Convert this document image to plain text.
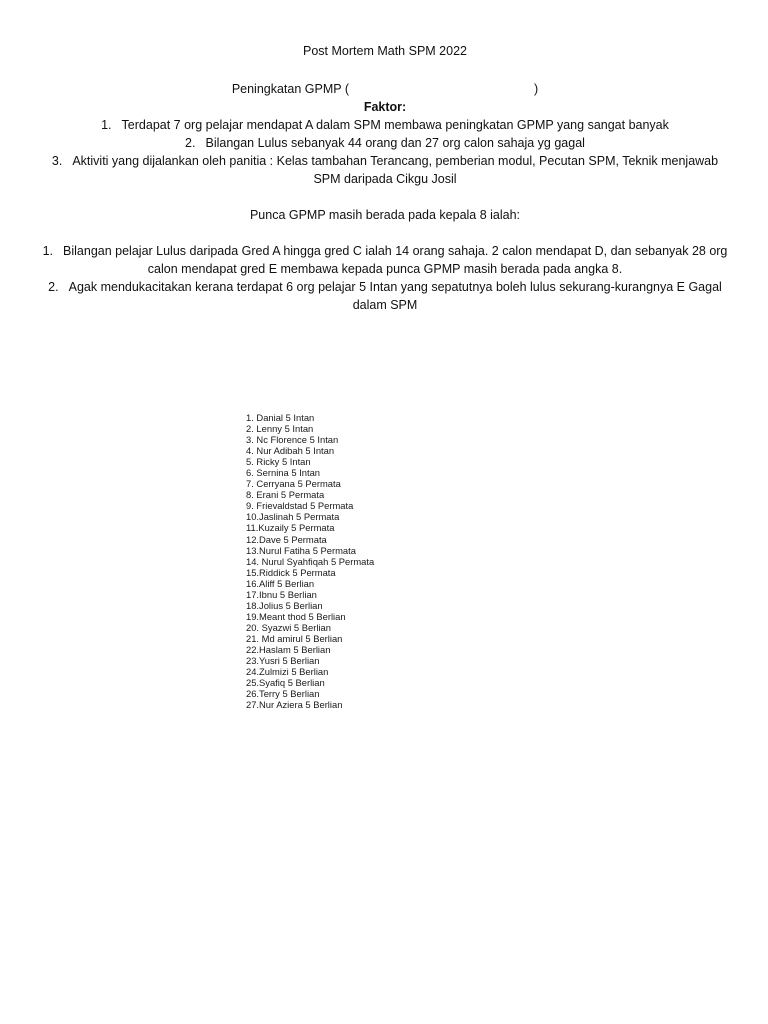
Post Mortem Math SPM 2022
Peningkatan GPMP (	)
Faktor:
1. Terdapat 7 org pelajar mendapat A dalam SPM membawa peningkatan GPMP yang sangat banyak
2. Bilangan Lulus sebanyak 44 orang dan 27 org calon sahaja yg gagal
3. Aktiviti yang dijalankan oleh panitia : Kelas tambahan Terancang, pemberian modul, Pecutan SPM, Teknik menjawab SPM daripada Cikgu Josil
Punca GPMP masih berada pada kepala 8 ialah:
1. Bilangan pelajar Lulus daripada Gred A hingga gred C ialah 14 orang sahaja. 2 calon mendapat D, dan sebanyak 28 org calon mendapat gred E membawa kepada punca GPMP masih berada pada angka 8.
2. Agak mendukacitakan kerana terdapat 6 org pelajar 5 Intan yang sepatutnya boleh lulus sekurang-kurangnya E Gagal dalam SPM
1. Danial 5 Intan
2. Lenny 5 Intan
3. Nc Florence 5 Intan
4. Nur Adibah 5 Intan
5. Ricky 5 Intan
6. Sernina 5 Intan
7. Cerryana 5 Permata
8. Erani 5 Permata
9. Frievaldstad 5 Permata
10.Jaslinah 5 Permata
11.Kuzaily 5 Permata
12.Dave 5 Permata
13.Nurul Fatiha 5 Permata
14. Nurul Syahfiqah 5 Permata
15.Riddick 5 Permata
16.Aliff 5 Berlian
17.Ibnu 5 Berlian
18.Jolius 5 Berlian
19.Meant thod 5 Berlian
20. Syazwi 5 Berlian
21. Md amirul 5 Berlian
22.Haslam 5 Berlian
23.Yusri 5 Berlian
24.Zulmizi 5 Berlian
25.Syafiq 5 Berlian
26.Terry 5 Berlian
27.Nur Aziera 5 Berlian
